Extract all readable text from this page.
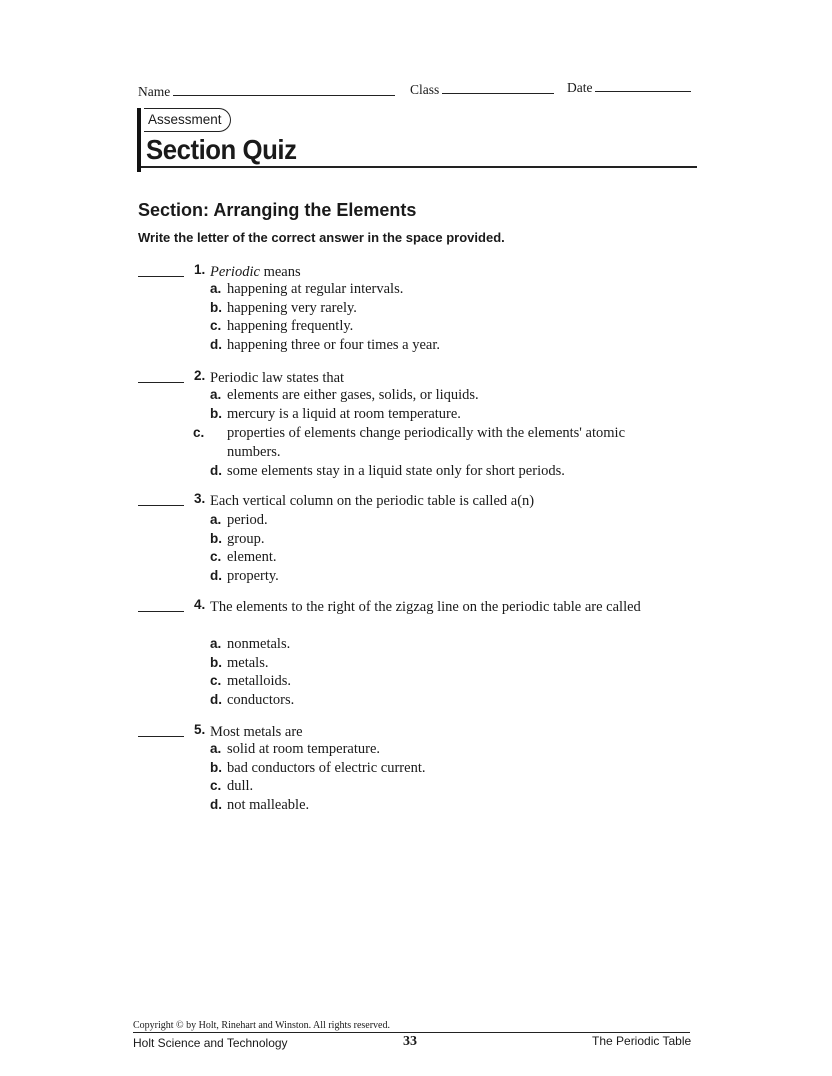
Name	Class	Date
Assessment
Section Quiz
Section: Arranging the Elements
Write the letter of the correct answer in the space provided.
1. Periodic means
a. happening at regular intervals.
b. happening very rarely.
c. happening frequently.
d. happening three or four times a year.
2. Periodic law states that
a. elements are either gases, solids, or liquids.
b. mercury is a liquid at room temperature.
c. properties of elements change periodically with the elements' atomic numbers.
d. some elements stay in a liquid state only for short periods.
3. Each vertical column on the periodic table is called a(n)
a. period.
b. group.
c. element.
d. property.
4. The elements to the right of the zigzag line on the periodic table are called
a. nonmetals.
b. metals.
c. metalloids.
d. conductors.
5. Most metals are
a. solid at room temperature.
b. bad conductors of electric current.
c. dull.
d. not malleable.
Copyright © by Holt, Rinehart and Winston. All rights reserved.
Holt Science and Technology	33	The Periodic Table
